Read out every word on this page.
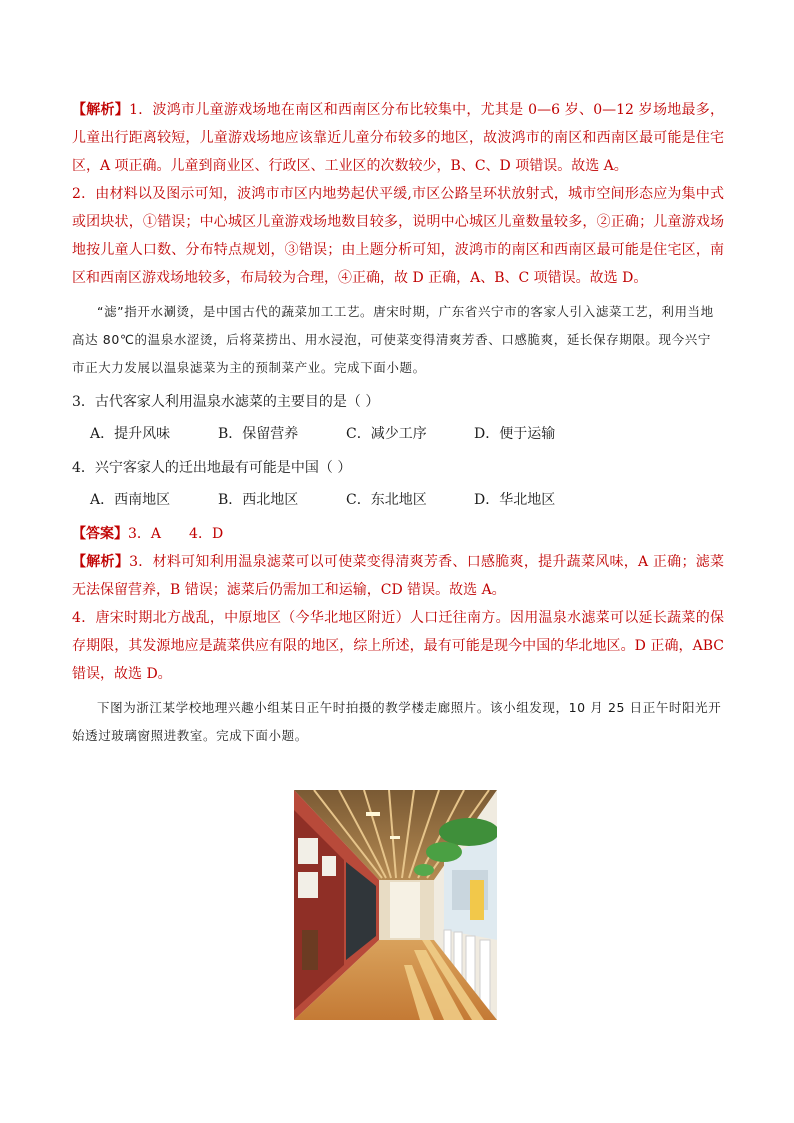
【解析】1．波鸿市儿童游戏场地在南区和西南区分布比较集中，尤其是 0—6 岁、0—12 岁场地最多，儿童出行距离较短，儿童游戏场地应该靠近儿童分布较多的地区，故波鸿市的南区和西南区最可能是住宅区，A 项正确。儿童到商业区、行政区、工业区的次数较少，B、C、D 项错误。故选 A。

2．由材料以及图示可知，波鸿市市区内地势起伏平缓,市区公路呈环状放射式，城市空间形态应为集中式或团块状，①错误；中心城区儿童游戏场地数目较多，说明中心城区儿童数量较多，②正确；儿童游戏场地按儿童人口数、分布特点规划，③错误；由上题分析可知，波鸿市的南区和西南区最可能是住宅区，南区和西南区游戏场地较多，布局较为合理，④正确，故 D 正确，A、B、C 项错误。故选 D。

“滤”指开水涮烫，是中国古代的蔬菜加工工艺。唐宋时期，广东省兴宁市的客家人引入滤菜工艺，利用当地高达 80℃的温泉水涩烫，后将菜捞出、用水浸泡，可使菜变得清爽芳香、口感脆爽，延长保存期限。现今兴宁市正大力发展以温泉滤菜为主的预制菜产业。完成下面小题。

3．古代客家人利用温泉水滤菜的主要目的是（ ）

A．提升风味	B．保留营养	C．减少工序	D．便于运输

4．兴宁客家人的迁出地最有可能是中国（ ）

A．西南地区	B．西北地区	C．东北地区	D．华北地区

【答案】3．A 4．D

【解析】3．材料可知利用温泉滤菜可以可使菜变得清爽芳香、口感脆爽，提升蔬菜风味，A 正确；滤菜无法保留营养，B 错误；滤菜后仍需加工和运输，CD 错误。故选 A。

4．唐宋时期北方战乱，中原地区（今华北地区附近）人口迁往南方。因用温泉水滤菜可以延长蔬菜的保存期限，其发源地应是蔬菜供应有限的地区，综上所述，最有可能是现今中国的华北地区。D 正确，ABC 错误，故选 D。

下图为浙江某学校地理兴趣小组某日正午时拍摄的教学楼走廊照片。该小组发现，10 月 25 日正午时阳光开始透过玻璃窗照进教室。完成下面小题。
